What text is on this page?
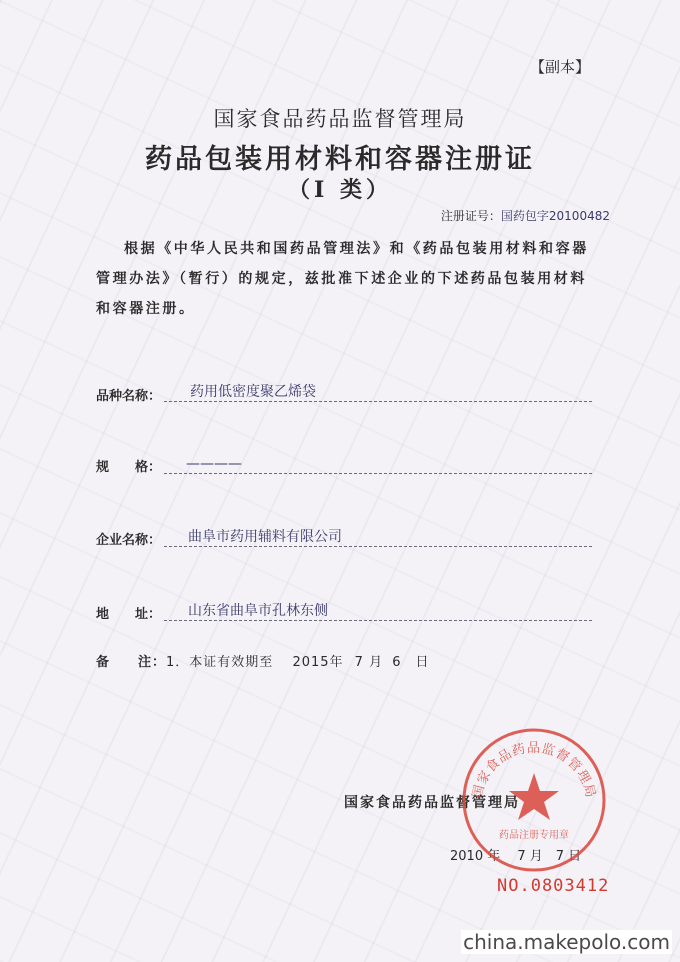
【副本】
国家食品药品监督管理局
药品包装用材料和容器注册证
（I 类）
注册证号：国药包字20100482
根据《中华人民共和国药品管理法》和《药品包装用材料和容器管理办法》（暂行）的规定，兹批准下述企业的下述药品包装用材料和容器注册。
品种名称：	药用低密度聚乙烯袋
规　　格：	————
企业名称：	曲阜市药用辅料有限公司
地　　址：	山东省曲阜市孔林东侧
备　　注：1．本证有效期至 2015年 7 月 6　日
国家食品药品监督管理局
2010 年　 7 月　7 日
国家食品药品监督管理局
药品注册专用章
NO.0803412
china.makepolo.com
